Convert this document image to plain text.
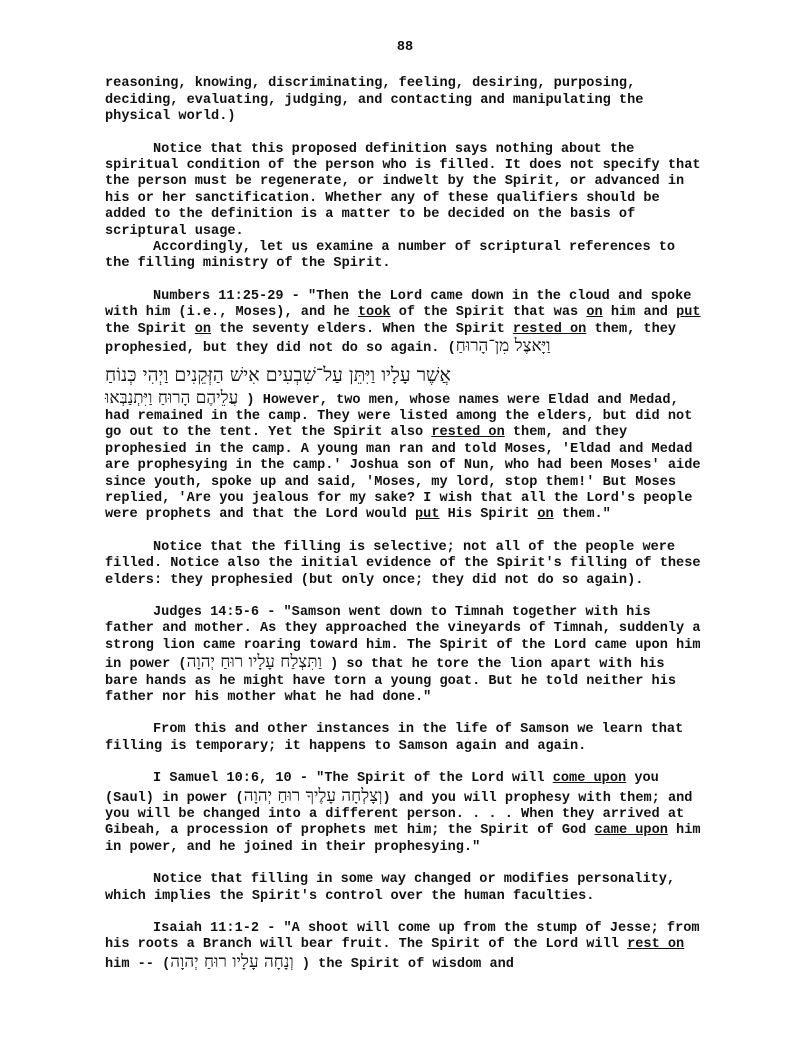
88

reasoning, knowing, discriminating, feeling, desiring, purposing, deciding, evaluating, judging, and contacting and manipulating the physical world.)

Notice that this proposed definition says nothing about the spiritual condition of the person who is filled. It does not specify that the person must be regenerate, or indwelt by the Spirit, or advanced in his or her sanctification. Whether any of these qualifiers should be added to the definition is a matter to be decided on the basis of scriptural usage.

Accordingly, let us examine a number of scriptural references to the filling ministry of the Spirit.

Numbers 11:25-29 - "Then the Lord came down in the cloud and spoke with him (i.e., Moses), and he took of the Spirit that was on him and put the Spirit on the seventy elders. When the Spirit rested on them, they prophesied, but they did not do so again. (וַיָּאצֶל מִן־הָרוּחַ
אֲשֶׁר עָלָיו וַיִּתֵּן עַל־שִׁבְעִים אִישׁ הַזְּקֵנִים וַיְהִי כְּנוֹחַ
עֲלֵיהֶם הָרוּחַ וַיִּתְנַבְּאוּ ) However, two men, whose names were Eldad and Medad, had remained in the camp. They were listed among the elders, but did not go out to the tent. Yet the Spirit also rested on them, and they prophesied in the camp. A young man ran and told Moses, 'Eldad and Medad are prophesying in the camp.' Joshua son of Nun, who had been Moses' aide since youth, spoke up and said, 'Moses, my lord, stop them!' But Moses replied, 'Are you jealous for my sake? I wish that all the Lord's people were prophets and that the Lord would put His Spirit on them."

Notice that the filling is selective; not all of the people were filled. Notice also the initial evidence of the Spirit's filling of these elders: they prophesied (but only once; they did not do so again).

Judges 14:5-6 - "Samson went down to Timnah together with his father and mother. As they approached the vineyards of Timnah, suddenly a strong lion came roaring toward him. The Spirit of the Lord came upon him in power (וַתִּצְלַח עָלָיו רוּחַ יְהוָה ) so that he tore the lion apart with his bare hands as he might have torn a young goat. But he told neither his father nor his mother what he had done."

From this and other instances in the life of Samson we learn that filling is temporary; it happens to Samson again and again.

I Samuel 10:6, 10 - "The Spirit of the Lord will come upon you (Saul) in power (וְצָלְחָה עָלֶיךָ רוּחַ יְהוָה) and you will prophesy with them; and you will be changed into a different person. . . . When they arrived at Gibeah, a procession of prophets met him; the Spirit of God came upon him in power, and he joined in their prophesying."

Notice that filling in some way changed or modifies personality, which implies the Spirit's control over the human faculties.

Isaiah 11:1-2 - "A shoot will come up from the stump of Jesse; from his roots a Branch will bear fruit. The Spirit of the Lord will rest on him -- (וְנָחָה עָלָיו רוּחַ יְהוָה ) the Spirit of wisdom and
